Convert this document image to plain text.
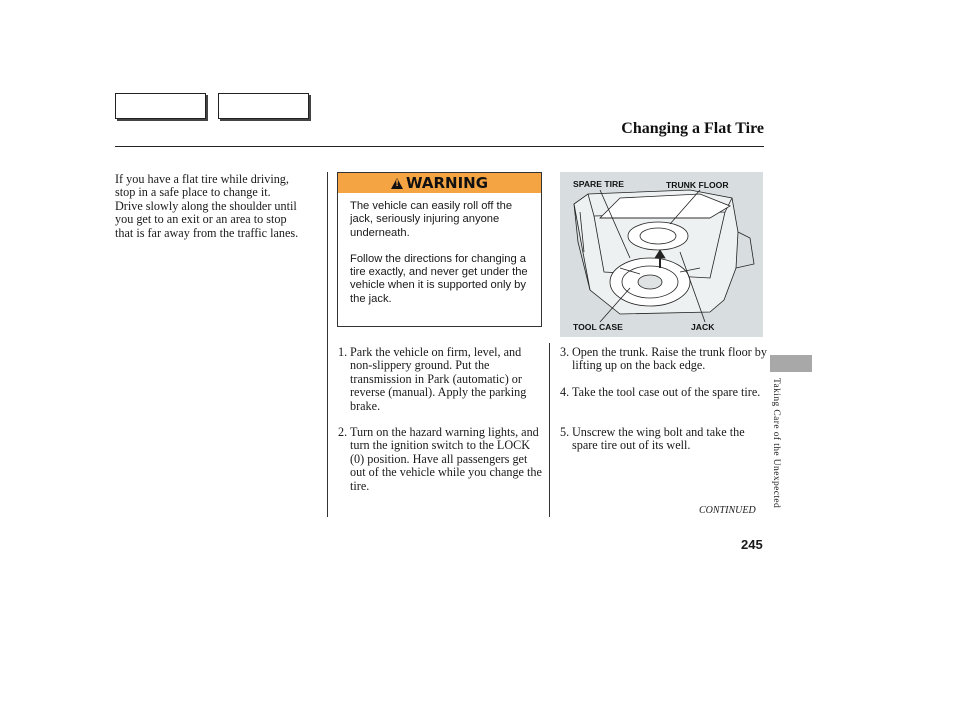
Changing a Flat Tire
If you have a flat tire while driving,
stop in a safe place to change it.
Drive slowly along the shoulder until
you get to an exit or an area to stop
that is far away from the traffic lanes.
!
WARNING

The vehicle can easily roll off the jack, seriously injuring anyone underneath.

Follow the directions for changing a tire exactly, and never get under the vehicle when it is supported only by the jack.

SPARE TIRE	TRUNK FLOOR
TOOL CASE	JACK
1. Park the vehicle on firm, level, and non-slippery ground. Put the transmission in Park (automatic) or reverse (manual). Apply the parking brake.
2. Turn on the hazard warning lights, and turn the ignition switch to the LOCK (0) position. Have all passengers get out of the vehicle while you change the tire.
3. Open the trunk. Raise the trunk floor by lifting up on the back edge.
4. Take the tool case out of the spare tire.
5. Unscrew the wing bolt and take the spare tire out of its well.	Taking Care of the Unexpected
CONTINUED
245
